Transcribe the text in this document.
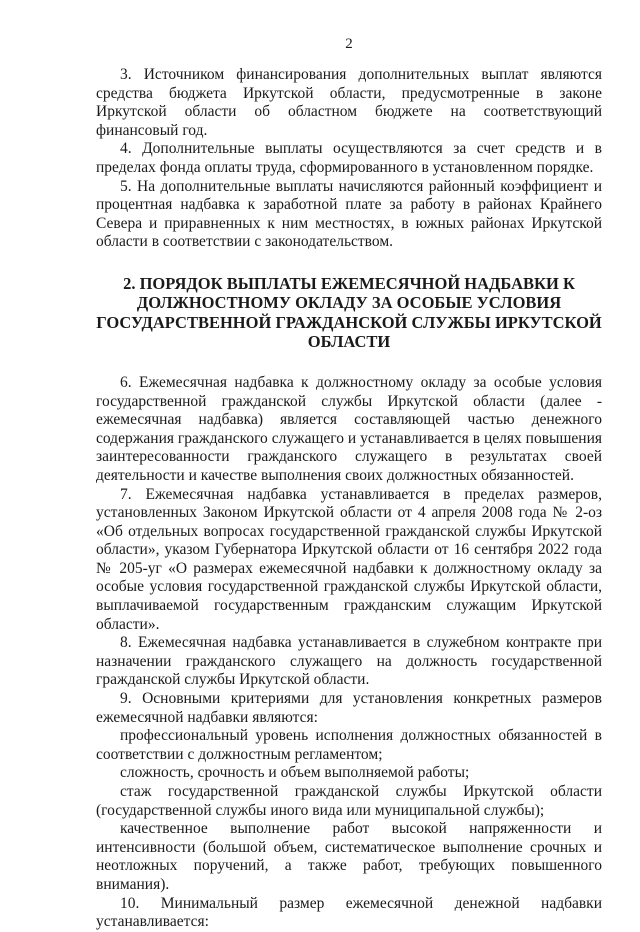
2

3. Источником финансирования дополнительных выплат являются средства бюджета Иркутской области, предусмотренные в законе Иркутской области об областном бюджете на соответствующий финансовый год.

4. Дополнительные выплаты осуществляются за счет средств и в пределах фонда оплаты труда, сформированного в установленном порядке.

5. На дополнительные выплаты начисляются районный коэффициент и процентная надбавка к заработной плате за работу в районах Крайнего Севера и приравненных к ним местностях, в южных районах Иркутской области в соответствии с законодательством.

2. ПОРЯДОК ВЫПЛАТЫ ЕЖЕМЕСЯЧНОЙ НАДБАВКИ К ДОЛЖНОСТНОМУ ОКЛАДУ ЗА ОСОБЫЕ УСЛОВИЯ ГОСУДАРСТВЕННОЙ ГРАЖДАНСКОЙ СЛУЖБЫ ИРКУТСКОЙ ОБЛАСТИ

6. Ежемесячная надбавка к должностному окладу за особые условия государственной гражданской службы Иркутской области (далее - ежемесячная надбавка) является составляющей частью денежного содержания гражданского служащего и устанавливается в целях повышения заинтересованности гражданского служащего в результатах своей деятельности и качестве выполнения своих должностных обязанностей.

7. Ежемесячная надбавка устанавливается в пределах размеров, установленных Законом Иркутской области от 4 апреля 2008 года № 2-оз «Об отдельных вопросах государственной гражданской службы Иркутской области», указом Губернатора Иркутской области от 16 сентября 2022 года № 205-уг «О размерах ежемесячной надбавки к должностному окладу за особые условия государственной гражданской службы Иркутской области, выплачиваемой государственным гражданским служащим Иркутской области».

8. Ежемесячная надбавка устанавливается в служебном контракте при назначении гражданского служащего на должность государственной гражданской службы Иркутской области.

9. Основными критериями для установления конкретных размеров ежемесячной надбавки являются:

профессиональный уровень исполнения должностных обязанностей в соответствии с должностным регламентом;

сложность, срочность и объем выполняемой работы;

стаж государственной гражданской службы Иркутской области (государственной службы иного вида или муниципальной службы);

качественное выполнение работ высокой напряженности и интенсивности (большой объем, систематическое выполнение срочных и неотложных поручений, а также работ, требующих повышенного внимания).

10. Минимальный размер ежемесячной денежной надбавки устанавливается:
